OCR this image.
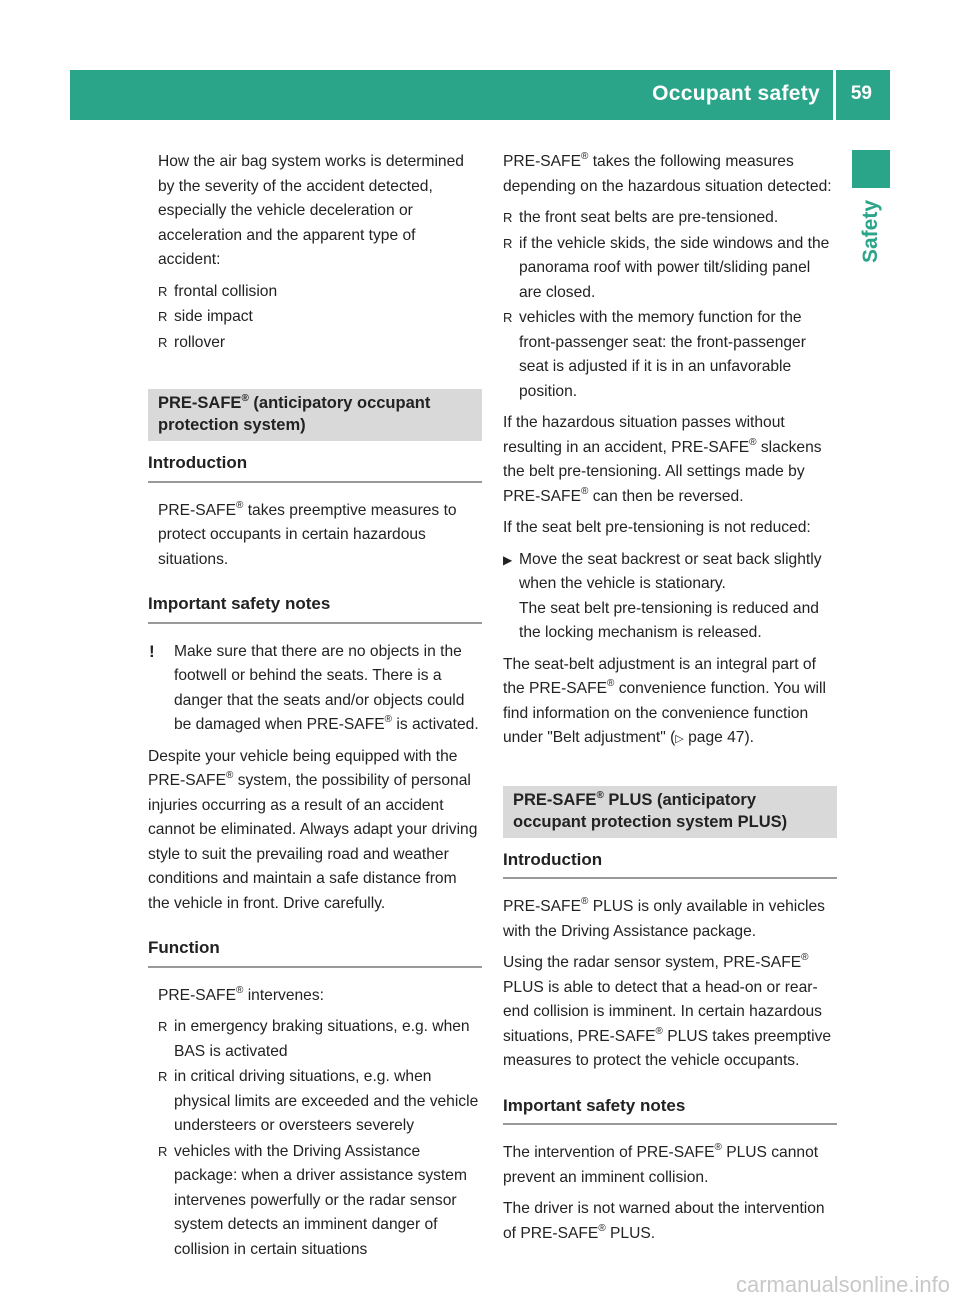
Occupant safety 59
Safety

How the air bag system works is determined by the severity of the accident detected, especially the vehicle deceleration or acceleration and the apparent type of accident:

R frontal collision
R side impact
R rollover
PRE-SAFE® (anticipatory occupant protection system)
Introduction

PRE-SAFE® takes preemptive measures to protect occupants in certain hazardous situations.

Important safety notes

! Make sure that there are no objects in the footwell or behind the seats. There is a danger that the seats and/or objects could be damaged when PRE-SAFE® is activated.

Despite your vehicle being equipped with the PRE-SAFE® system, the possibility of personal injuries occurring as a result of an accident cannot be eliminated. Always adapt your driving style to suit the prevailing road and weather conditions and maintain a safe distance from the vehicle in front. Drive carefully.

Function

PRE-SAFE® intervenes:

R in emergency braking situations, e.g. when BAS is activated
R in critical driving situations, e.g. when physical limits are exceeded and the vehicle understeers or oversteers severely
R vehicles with the Driving Assistance package: when a driver assistance system intervenes powerfully or the radar sensor system detects an imminent danger of collision in certain situations

PRE-SAFE® takes the following measures depending on the hazardous situation detected:

R the front seat belts are pre-tensioned.
R if the vehicle skids, the side windows and the panorama roof with power tilt/sliding panel are closed.
R vehicles with the memory function for the front-passenger seat: the front-passenger seat is adjusted if it is in an unfavorable position.

If the hazardous situation passes without resulting in an accident, PRE-SAFE® slackens the belt pre-tensioning. All settings made by PRE-SAFE® can then be reversed.

If the seat belt pre-tensioning is not reduced:

▶ Move the seat backrest or seat back slightly when the vehicle is stationary.
The seat belt pre-tensioning is reduced and the locking mechanism is released.

The seat-belt adjustment is an integral part of the PRE-SAFE® convenience function. You will find information on the convenience function under "Belt adjustment" (▷ page 47).

PRE-SAFE® PLUS (anticipatory occupant protection system PLUS)
Introduction

PRE-SAFE® PLUS is only available in vehicles with the Driving Assistance package.

Using the radar sensor system, PRE-SAFE® PLUS is able to detect that a head-on or rear-end collision is imminent. In certain hazardous situations, PRE-SAFE® PLUS takes preemptive measures to protect the vehicle occupants.

Important safety notes

The intervention of PRE-SAFE® PLUS cannot prevent an imminent collision.

The driver is not warned about the intervention of PRE-SAFE® PLUS.

carmanualsonline.info
